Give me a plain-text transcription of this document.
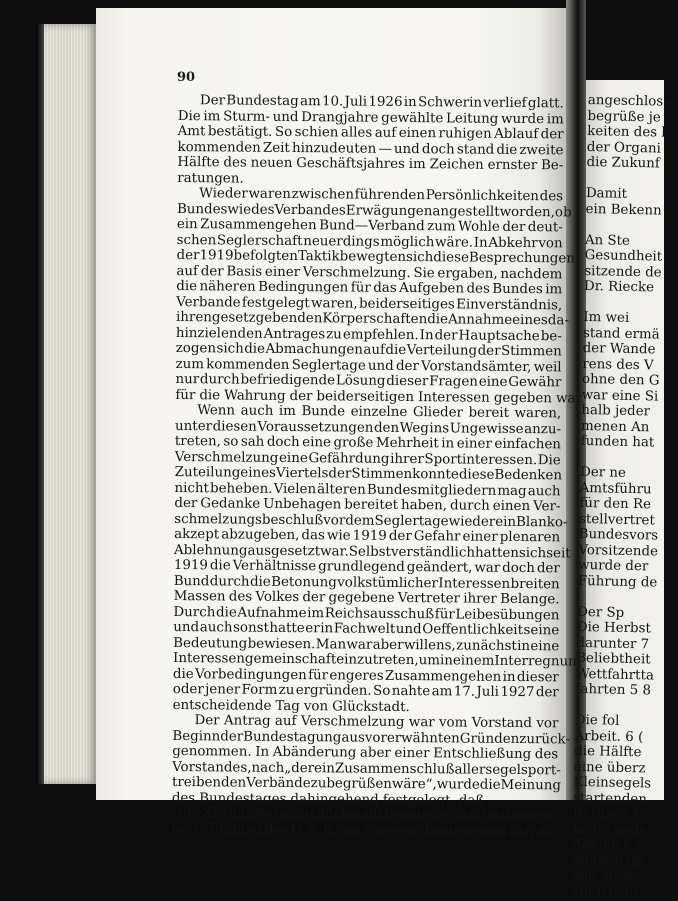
90
Der Bundestag am 10. Juli 1926 in Schwerin verlief glatt.
Die im Sturm- und Drangjahre gewählte Leitung wurde im
Amt bestätigt. So schien alles auf einen ruhigen Ablauf der
kommenden Zeit hinzudeuten — und doch stand die zweite
Hälfte des neuen Geschäftsjahres im Zeichen ernster Be-
ratungen.
Wieder waren zwischen führenden Persönlichkeiten des
Bundes wie des Verbandes Erwägungen angestellt worden, ob
ein Zusammengehen Bund—Verband zum Wohle der deut-
schen Seglerschaft neuerdings möglich wäre. In Abkehr von
der 1919 befolgten Taktik bewegten sich diese Besprechungen
auf der Basis einer Verschmelzung. Sie ergaben, nachdem
die näheren Bedingungen für das Aufgeben des Bundes im
Verbande festgelegt waren, beiderseitiges Einverständnis,
ihren gesetzgebenden Körperschaften die Annahme eines da-
hinzielenden Antrages zu empfehlen. In der Hauptsache be-
zogen sich die Abmachungen auf die Verteilung der Stimmen
zum kommenden Seglertage und der Vorstandsämter, weil
nur durch befriedigende Lösung dieser Fragen eine Gewähr
für die Wahrung der beiderseitigen Interessen gegeben war.
Wenn auch im Bunde einzelne Glieder bereit waren,
unter diesen Voraussetzungen den Weg ins Ungewisse anzu-
treten, so sah doch eine große Mehrheit in einer einfachen
Verschmelzung eine Gefährdung ihrer Sportinteressen. Die
Zuteilung eines Viertels der Stimmen konnte diese Bedenken
nicht beheben. Vielen älteren Bundesmitgliedern mag auch
der Gedanke Unbehagen bereitet haben, durch einen Ver-
schmelzungsbeschluß vor dem Seglertage wieder ein Blanko-
akzept abzugeben, das wie 1919 der Gefahr einer plenaren
Ablehnung ausgesetzt war. Selbstverständlich hatten sich seit
1919 die Verhältnisse grundlegend geändert, war doch der
Bund durch die Betonung volkstümlicher Interessen breiten
Massen des Volkes der gegebene Vertreter ihrer Belange.
Durch die Aufnahme im Reichsausschuß für Leibesübungen
und auch sonst hatte er in Fachwelt und Oeffentlichkeit seine
Bedeutung bewiesen. Man war aber willens, zunächst in eine
Interessengemeinschaft einzutreten, um in einem Interregnum
die Vorbedingungen für engeres Zusammengehen in dieser
oder jener Form zu ergründen. So nahte am 17. Juli 1927 der
entscheidende Tag von Glückstadt.
Der Antrag auf Verschmelzung war vom Vorstand vor
Beginn der Bundestagung aus vorerwähnten Gründen zurück-
genommen. In Abänderung aber einer Entschließung des
Vorstandes, nach „der ein Zusammenschluß aller segelsport-
treibenden Verbände zu begrüßen wäre“, wurde die Meinung
des Bundestages dahingehend festgelegt, daß
„der XI. Bundestag in Glückstadt feststelle, daß die Daseins-
berechtigung des D. S. B. nach wie vor bestehe und daß die
angeschlosse
begrüße je
keiten des l
der Organi
die Zukunf
Damit
ein Bekenn
An Ste
Gesundheit
sitzende de
Dr. Riecke
Im wei
stand ermä
der Wande
rens des V
ohne den G
war eine Si
halb jeder
menen An
funden hat
Der ne
Amtsführu
für den Re
stellvertret
Bundesvors
Vorsitzende
wurde der
Führung de
Der Sp
Die Herbst
darunter 7
Beliebtheit
Wettfahrtta
fahrten 5 8
Die fol
Arbeit. 6 (
die Hälfte
eine überz
Kleinsegels
startenden
Berliner F
keine ande
Aehnlich i
bungen un
daß auch
auf frucht
